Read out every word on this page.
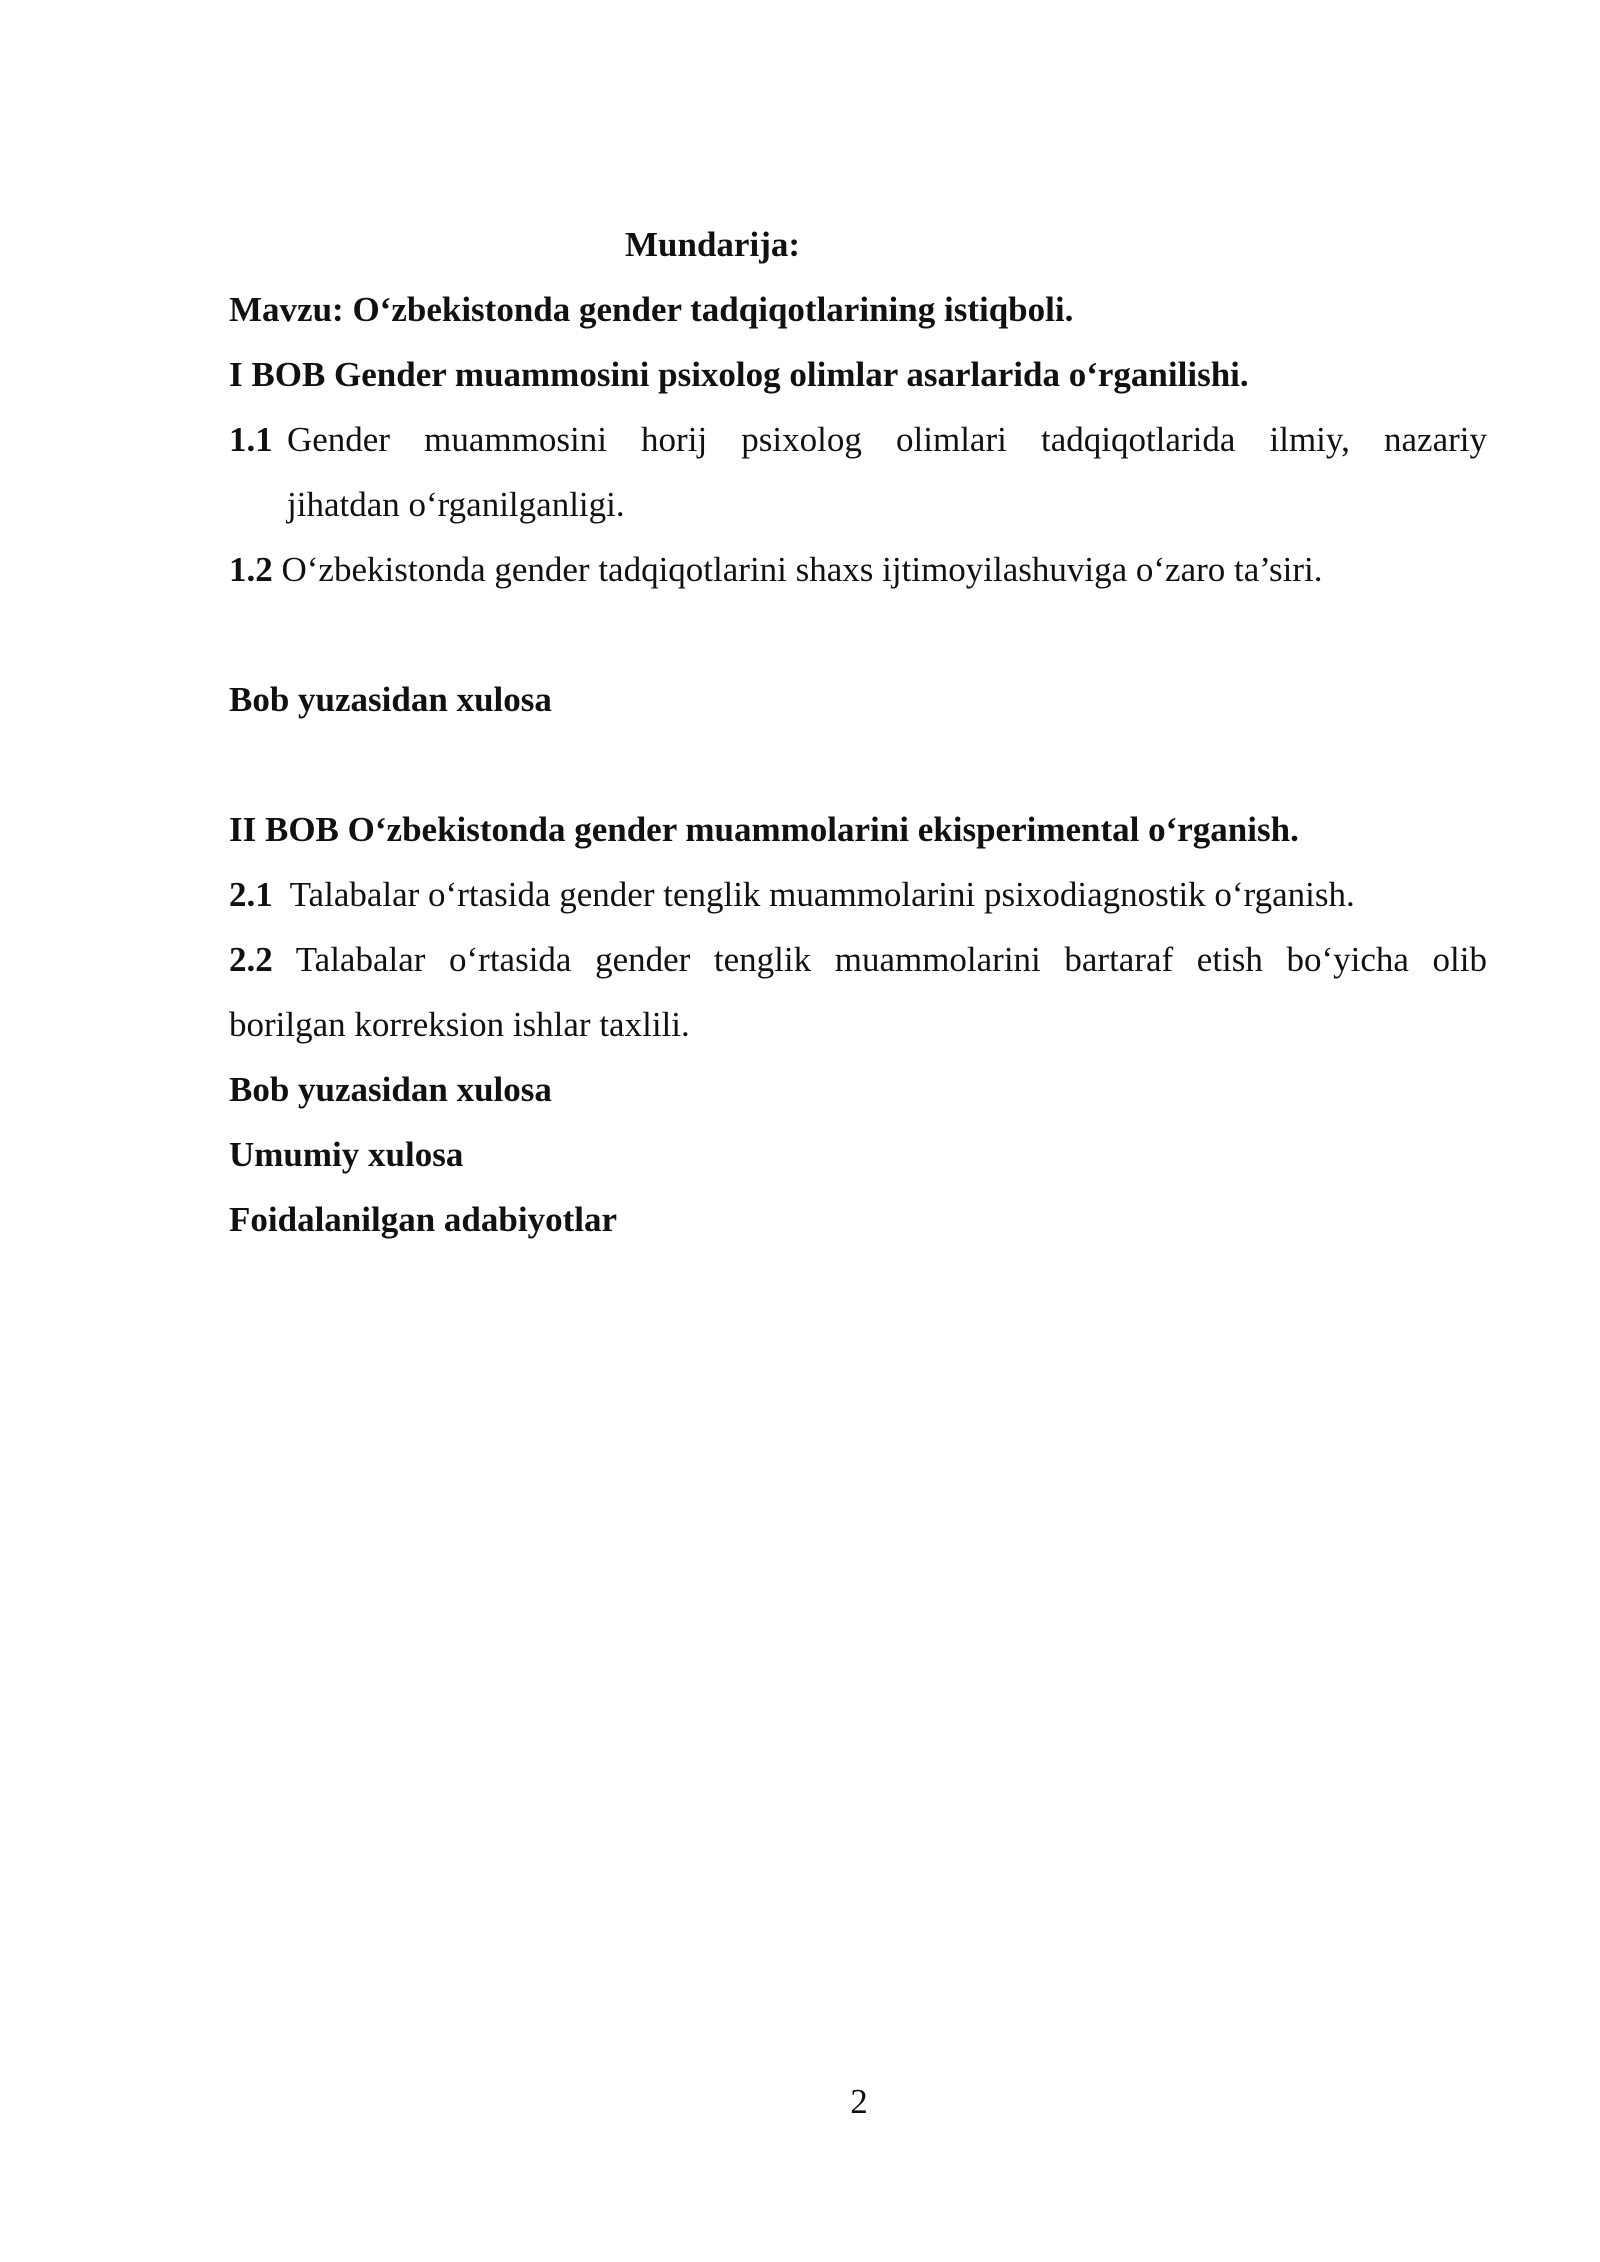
Mundarija:

Mavzu: O‘zbekistonda gender tadqiqotlarining istiqboli.

I BOB Gender muammosini psixolog olimlar asarlarida o‘rganilishi.

1.1 Gender muammosini horij psixolog olimlari tadqiqotlarida ilmiy, nazariy

jihatdan o‘rganilganligi.

1.2 O‘zbekistonda gender tadqiqotlarini shaxs ijtimoyilashuviga o‘zaro ta’siri.

Bob yuzasidan xulosa

II BOB O‘zbekistonda gender muammolarini ekisperimental o‘rganish.

2.1 Talabalar o‘rtasida gender tenglik muammolarini psixodiagnostik o‘rganish.

2.2 Talabalar o‘rtasida gender tenglik muammolarini bartaraf etish bo‘yicha olib

borilgan korreksion ishlar taxlili.

Bob yuzasidan xulosa

Umumiy xulosa

Foidalanilgan adabiyotlar

2
